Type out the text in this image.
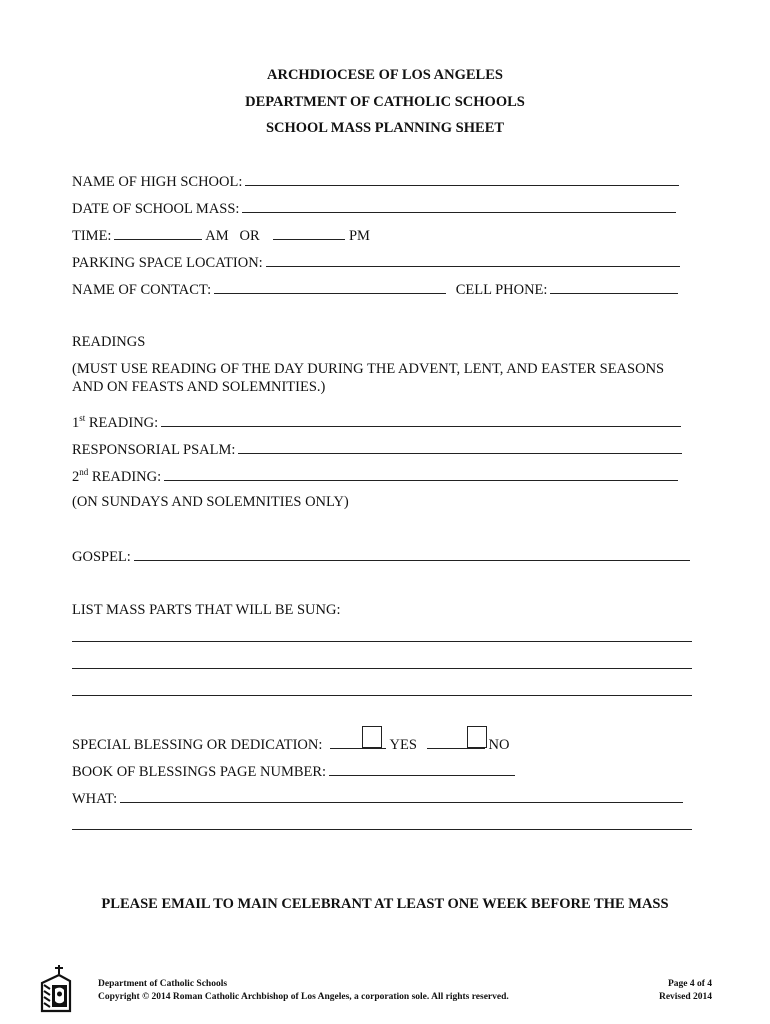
ARCHDIOCESE OF LOS ANGELES
DEPARTMENT OF CATHOLIC SCHOOLS
SCHOOL MASS PLANNING SHEET
NAME OF HIGH SCHOOL:
DATE OF SCHOOL MASS:
TIME:	AM   OR	PM
PARKING SPACE LOCATION:
NAME OF CONTACT:	CELL PHONE:
READINGS
(MUST USE READING OF THE DAY DURING THE ADVENT, LENT, AND EASTER SEASONS
AND ON FEASTS AND SOLEMNITIES.)
1st READING:
RESPONSORIAL PSALM:
2nd READING:
(ON SUNDAYS AND SOLEMNITIES ONLY)
GOSPEL:
LIST MASS PARTS THAT WILL BE SUNG:
SPECIAL BLESSING OR DEDICATION:	YES	NO
BOOK OF BLESSINGS PAGE NUMBER:
WHAT:
PLEASE EMAIL TO MAIN CELEBRANT AT LEAST ONE WEEK BEFORE THE MASS
Department of Catholic Schools
Copyright © 2014 Roman Catholic Archbishop of Los Angeles, a corporation sole. All rights reserved.
Page 4 of 4
Revised 2014
